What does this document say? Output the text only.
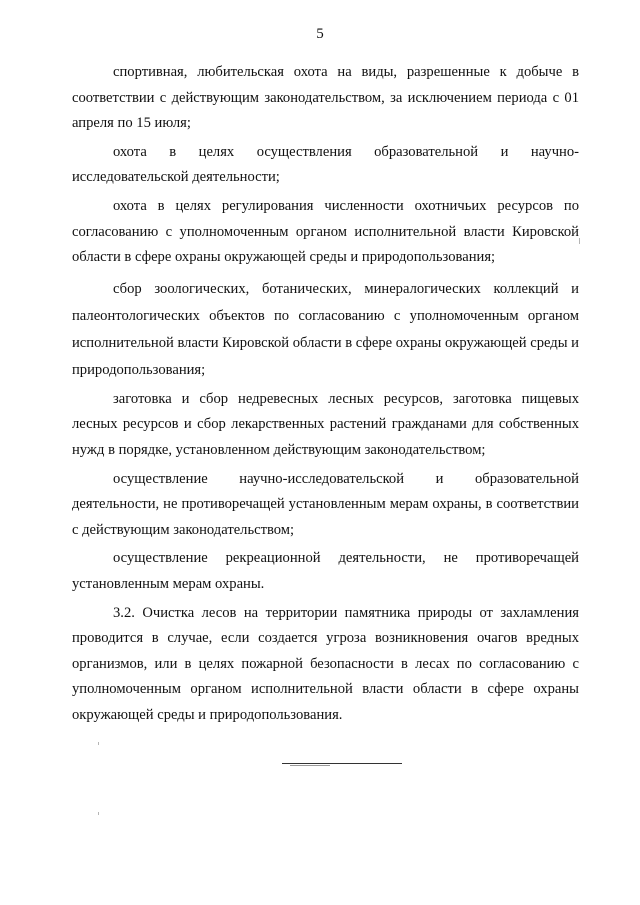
5

спортивная, любительская охота на виды, разрешенные к добыче в соответствии с действующим законодательством, за исключением периода с 01 апреля по 15 июля;

охота в целях осуществления образовательной и научно-исследовательской деятельности;

охота в целях регулирования численности охотничьих ресурсов по согласованию с уполномоченным органом исполнительной власти Кировской области в сфере охраны окружающей среды и природопользования;

сбор зоологических, ботанических, минералогических коллекций и палеонтологических объектов по согласованию с уполномоченным органом исполнительной власти Кировской области в сфере охраны окружающей среды и природопользования;

заготовка и сбор недревесных лесных ресурсов, заготовка пищевых лесных ресурсов и сбор лекарственных растений гражданами для собственных нужд в порядке, установленном действующим законодательством;

осуществление научно-исследовательской и образовательной деятельности, не противоречащей установленным мерам охраны, в соответствии с действующим законодательством;

осуществление рекреационной деятельности, не противоречащей установленным мерам охраны.

3.2. Очистка лесов на территории памятника природы от захламления проводится в случае, если создается угроза возникновения очагов вредных организмов, или в целях пожарной безопасности в лесах по согласованию с уполномоченным органом исполнительной власти области в сфере охраны окружающей среды и природопользования.
